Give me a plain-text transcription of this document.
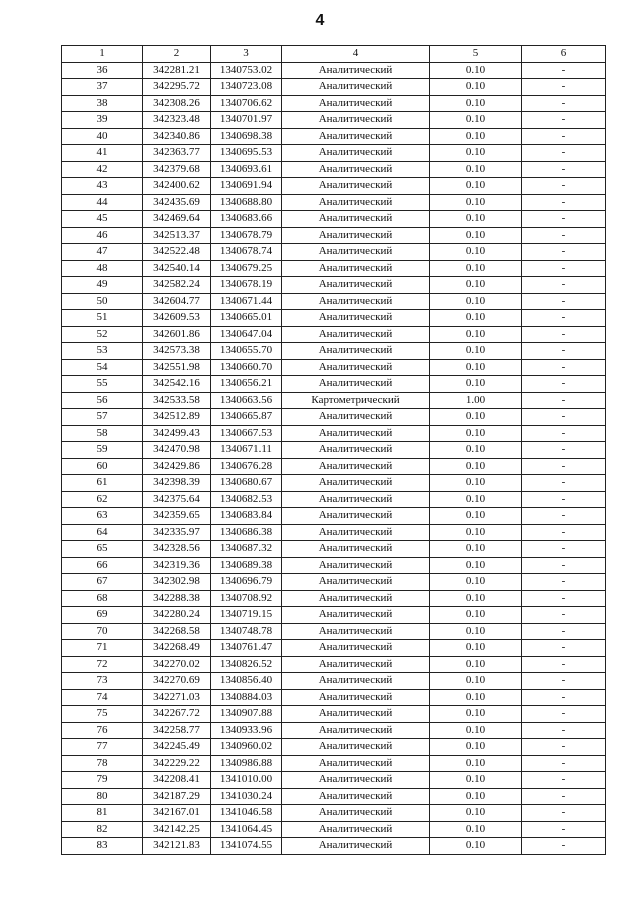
4
1	2	3	4	5	6
36	342281.21	1340753.02	Аналитический	0.10	-
37	342295.72	1340723.08	Аналитический	0.10	-
38	342308.26	1340706.62	Аналитический	0.10	-
39	342323.48	1340701.97	Аналитический	0.10	-
40	342340.86	1340698.38	Аналитический	0.10	-
41	342363.77	1340695.53	Аналитический	0.10	-
42	342379.68	1340693.61	Аналитический	0.10	-
43	342400.62	1340691.94	Аналитический	0.10	-
44	342435.69	1340688.80	Аналитический	0.10	-
45	342469.64	1340683.66	Аналитический	0.10	-
46	342513.37	1340678.79	Аналитический	0.10	-
47	342522.48	1340678.74	Аналитический	0.10	-
48	342540.14	1340679.25	Аналитический	0.10	-
49	342582.24	1340678.19	Аналитический	0.10	-
50	342604.77	1340671.44	Аналитический	0.10	-
51	342609.53	1340665.01	Аналитический	0.10	-
52	342601.86	1340647.04	Аналитический	0.10	-
53	342573.38	1340655.70	Аналитический	0.10	-
54	342551.98	1340660.70	Аналитический	0.10	-
55	342542.16	1340656.21	Аналитический	0.10	-
56	342533.58	1340663.56	Картометрический	1.00	-
57	342512.89	1340665.87	Аналитический	0.10	-
58	342499.43	1340667.53	Аналитический	0.10	-
59	342470.98	1340671.11	Аналитический	0.10	-
60	342429.86	1340676.28	Аналитический	0.10	-
61	342398.39	1340680.67	Аналитический	0.10	-
62	342375.64	1340682.53	Аналитический	0.10	-
63	342359.65	1340683.84	Аналитический	0.10	-
64	342335.97	1340686.38	Аналитический	0.10	-
65	342328.56	1340687.32	Аналитический	0.10	-
66	342319.36	1340689.38	Аналитический	0.10	-
67	342302.98	1340696.79	Аналитический	0.10	-
68	342288.38	1340708.92	Аналитический	0.10	-
69	342280.24	1340719.15	Аналитический	0.10	-
70	342268.58	1340748.78	Аналитический	0.10	-
71	342268.49	1340761.47	Аналитический	0.10	-
72	342270.02	1340826.52	Аналитический	0.10	-
73	342270.69	1340856.40	Аналитический	0.10	-
74	342271.03	1340884.03	Аналитический	0.10	-
75	342267.72	1340907.88	Аналитический	0.10	-
76	342258.77	1340933.96	Аналитический	0.10	-
77	342245.49	1340960.02	Аналитический	0.10	-
78	342229.22	1340986.88	Аналитический	0.10	-
79	342208.41	1341010.00	Аналитический	0.10	-
80	342187.29	1341030.24	Аналитический	0.10	-
81	342167.01	1341046.58	Аналитический	0.10	-
82	342142.25	1341064.45	Аналитический	0.10	-
83	342121.83	1341074.55	Аналитический	0.10	-
